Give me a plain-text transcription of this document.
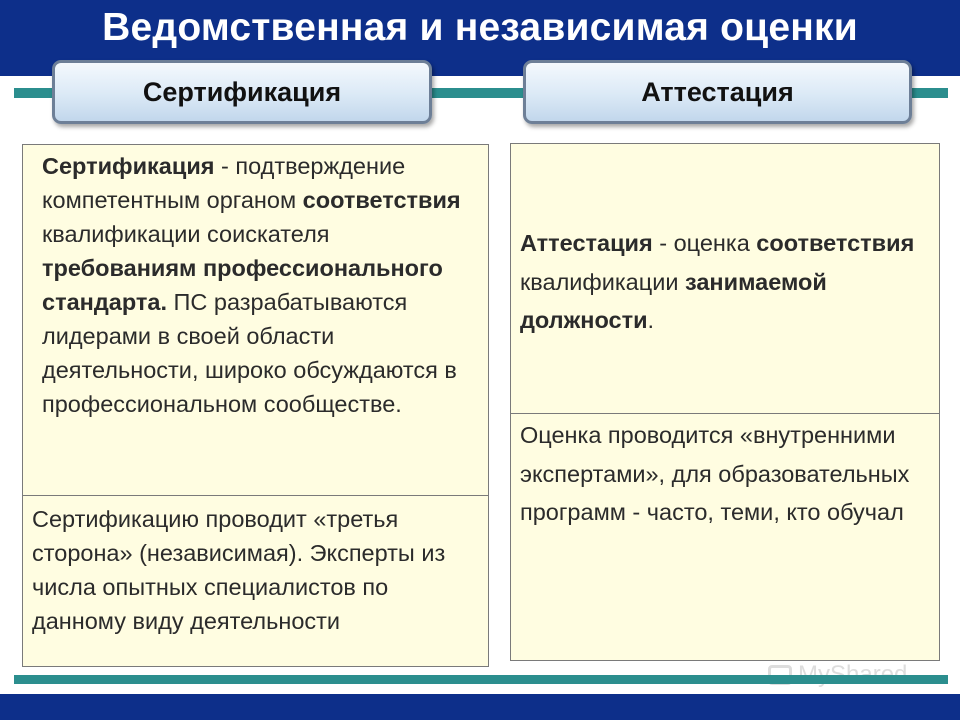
Ведомственная и независимая оценки
Сертификация	Аттестация

Сертификация - подтверждение компетентным органом соответствия квалификации соискателя требованиям профессионального стандарта. ПС разрабатываются лидерами в своей области деятельности, широко обсуждаются в профессиональном сообществе.

Сертификацию проводит «третья сторона» (независимая). Эксперты из числа опытных специалистов по данному виду деятельности

Аттестация - оценка соответствия квалификации занимаемой должности.

Оценка проводится «внутренними экспертами», для образовательных программ - часто, теми, кто обучал
